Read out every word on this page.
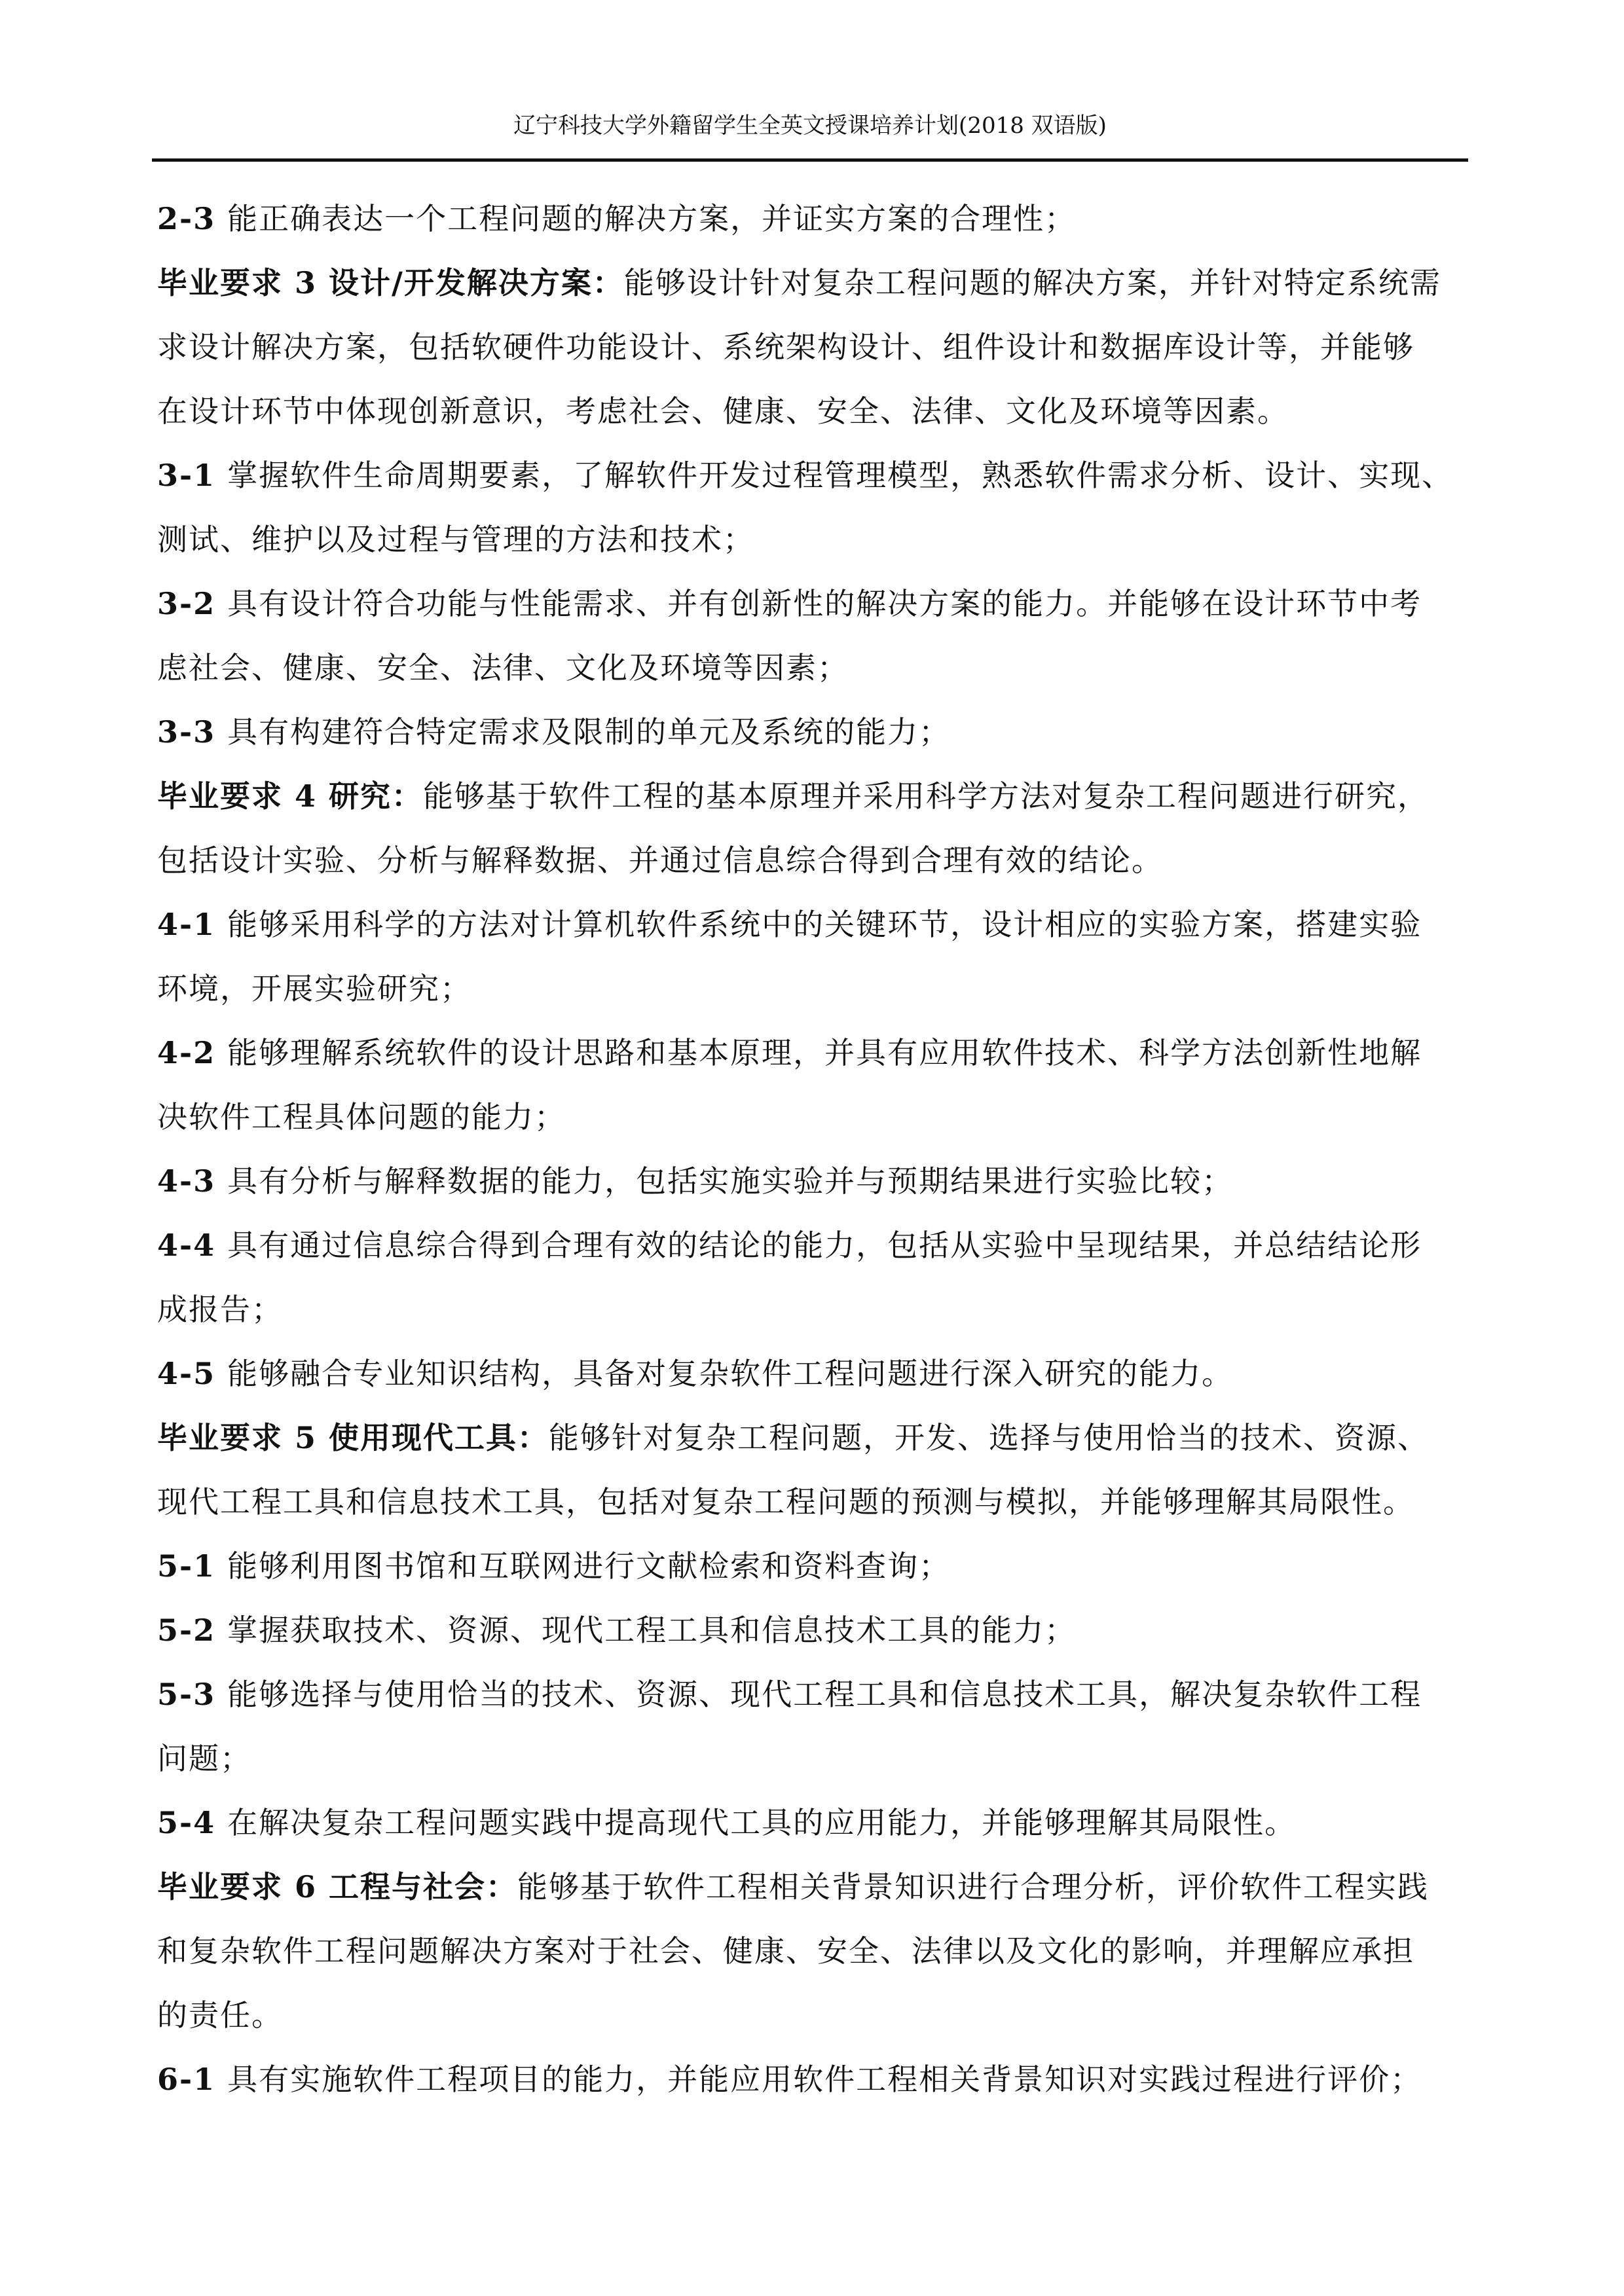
辽宁科技大学外籍留学生全英文授课培养计划(2018 双语版)
2-3 能正确表达一个工程问题的解决方案，并证实方案的合理性；
毕业要求 3 设计/开发解决方案：能够设计针对复杂工程问题的解决方案，并针对特定系统需
求设计解决方案，包括软硬件功能设计、系统架构设计、组件设计和数据库设计等，并能够
在设计环节中体现创新意识，考虑社会、健康、安全、法律、文化及环境等因素。
3-1 掌握软件生命周期要素，了解软件开发过程管理模型，熟悉软件需求分析、设计、实现、
测试、维护以及过程与管理的方法和技术；
3-2 具有设计符合功能与性能需求、并有创新性的解决方案的能力。并能够在设计环节中考
虑社会、健康、安全、法律、文化及环境等因素；
3-3 具有构建符合特定需求及限制的单元及系统的能力；
毕业要求 4 研究：能够基于软件工程的基本原理并采用科学方法对复杂工程问题进行研究，
包括设计实验、分析与解释数据、并通过信息综合得到合理有效的结论。
4-1 能够采用科学的方法对计算机软件系统中的关键环节，设计相应的实验方案，搭建实验
环境，开展实验研究；
4-2 能够理解系统软件的设计思路和基本原理，并具有应用软件技术、科学方法创新性地解
决软件工程具体问题的能力；
4-3 具有分析与解释数据的能力，包括实施实验并与预期结果进行实验比较；
4-4 具有通过信息综合得到合理有效的结论的能力，包括从实验中呈现结果，并总结结论形
成报告；
4-5 能够融合专业知识结构，具备对复杂软件工程问题进行深入研究的能力。
毕业要求 5 使用现代工具：能够针对复杂工程问题，开发、选择与使用恰当的技术、资源、
现代工程工具和信息技术工具，包括对复杂工程问题的预测与模拟，并能够理解其局限性。
5-1 能够利用图书馆和互联网进行文献检索和资料查询；
5-2 掌握获取技术、资源、现代工程工具和信息技术工具的能力；
5-3 能够选择与使用恰当的技术、资源、现代工程工具和信息技术工具，解决复杂软件工程
问题；
5-4 在解决复杂工程问题实践中提高现代工具的应用能力，并能够理解其局限性。
毕业要求 6 工程与社会：能够基于软件工程相关背景知识进行合理分析，评价软件工程实践
和复杂软件工程问题解决方案对于社会、健康、安全、法律以及文化的影响，并理解应承担
的责任。
6-1 具有实施软件工程项目的能力，并能应用软件工程相关背景知识对实践过程进行评价；
